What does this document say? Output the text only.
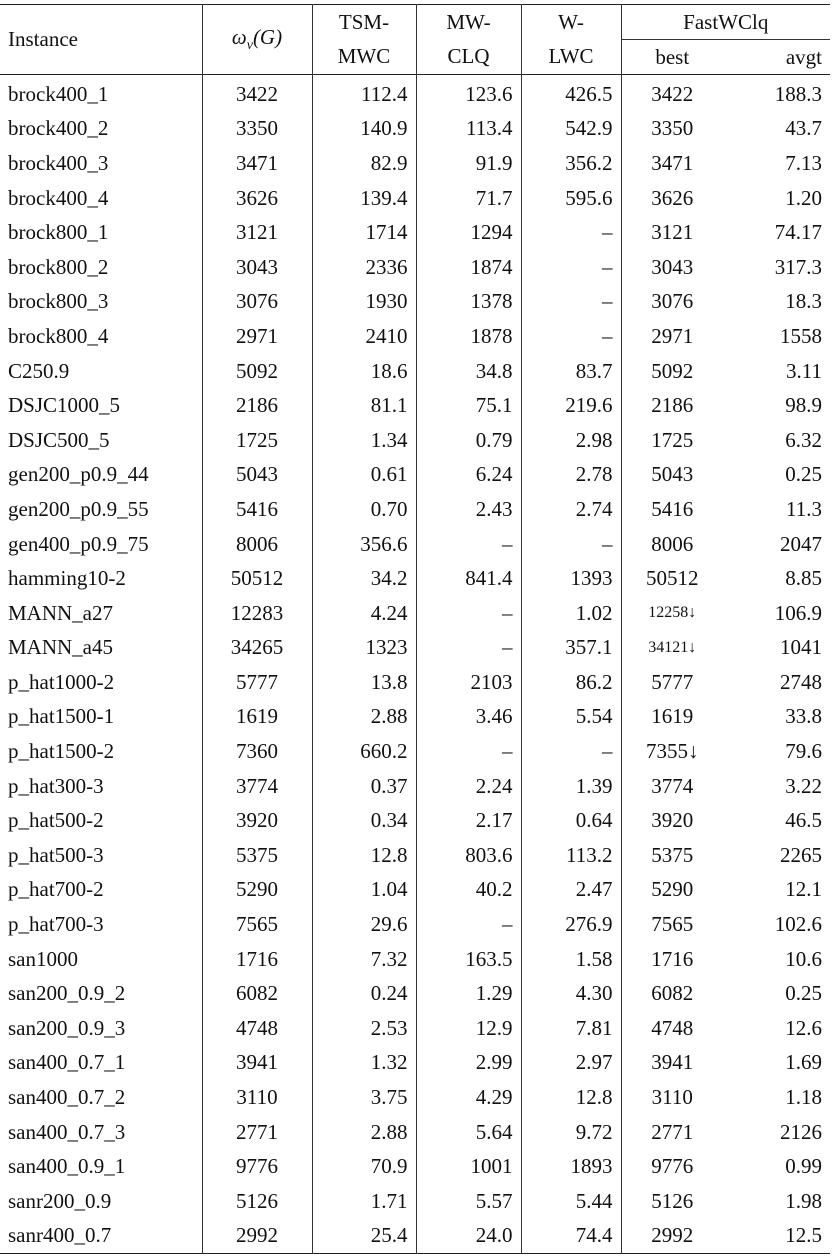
Instance	$\omega_v(G)$	TSM-	MW-	W-	FastWClq	
		MWC	CLQ	LWC	best	avgt
brock400_1	3422	112.4	123.6	426.5	3422	188.3
brock400_2	3350	140.9	113.4	542.9	3350	43.7
brock400_3	3471	82.9	91.9	356.2	3471	7.13
brock400_4	3626	139.4	71.7	595.6	3626	1.20
brock800_1	3121	1714	1294	–	3121	74.17
brock800_2	3043	2336	1874	–	3043	317.3
brock800_3	3076	1930	1378	–	3076	18.3
brock800_4	2971	2410	1878	–	2971	1558
C250.9	5092	18.6	34.8	83.7	5092	3.11
DSJC1000_5	2186	81.1	75.1	219.6	2186	98.9
DSJC500_5	1725	1.34	0.79	2.98	1725	6.32
gen200_p0.9_44	5043	0.61	6.24	2.78	5043	0.25
gen200_p0.9_55	5416	0.70	2.43	2.74	5416	11.3
gen400_p0.9_75	8006	356.6	–	–	8006	2047
hamming10-2	50512	34.2	841.4	1393	50512	8.85
MANN_a27	12283	4.24	–	1.02	12258↓	106.9
MANN_a45	34265	1323	–	357.1	34121↓	1041
p_hat1000-2	5777	13.8	2103	86.2	5777	2748
p_hat1500-1	1619	2.88	3.46	5.54	1619	33.8
p_hat1500-2	7360	660.2	–	–	7355↓	79.6
p_hat300-3	3774	0.37	2.24	1.39	3774	3.22
p_hat500-2	3920	0.34	2.17	0.64	3920	46.5
p_hat500-3	5375	12.8	803.6	113.2	5375	2265
p_hat700-2	5290	1.04	40.2	2.47	5290	12.1
p_hat700-3	7565	29.6	–	276.9	7565	102.6
san1000	1716	7.32	163.5	1.58	1716	10.6
san200_0.9_2	6082	0.24	1.29	4.30	6082	0.25
san200_0.9_3	4748	2.53	12.9	7.81	4748	12.6
san400_0.7_1	3941	1.32	2.99	2.97	3941	1.69
san400_0.7_2	3110	3.75	4.29	12.8	3110	1.18
san400_0.7_3	2771	2.88	5.64	9.72	2771	2126
san400_0.9_1	9776	70.9	1001	1893	9776	0.99
sanr200_0.9	5126	1.71	5.57	5.44	5126	1.98
sanr400_0.7	2992	25.4	24.0	74.4	2992	12.5
